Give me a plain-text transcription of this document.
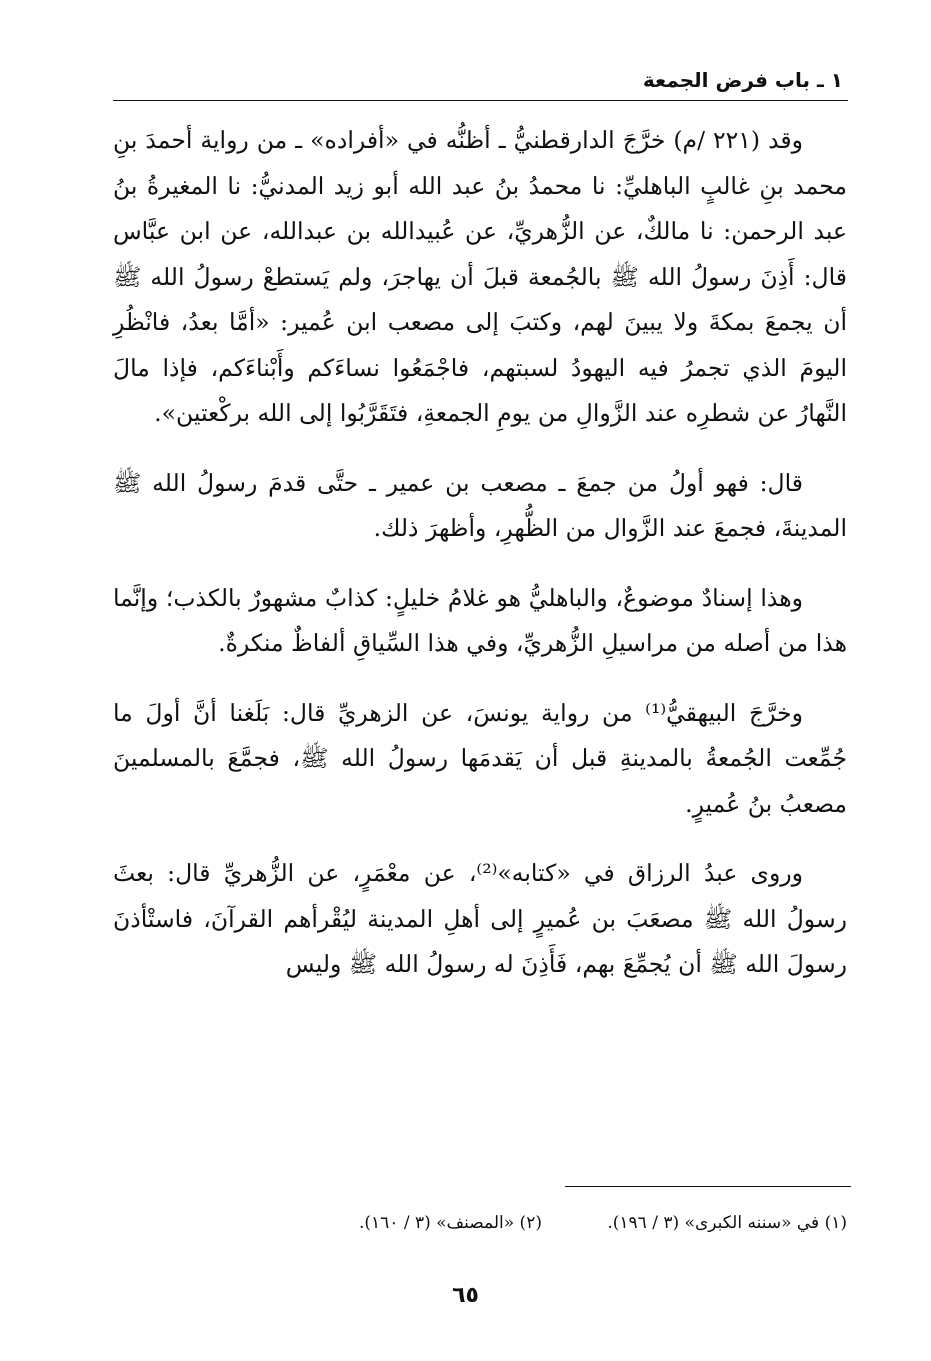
١ ـ باب فرض الجمعة

وقد (٢٢١ /م) خرَّجَ الدارقطنيُّ ـ أظنُّه في «أفراده» ـ من رواية أحمدَ بنِ محمد بنِ غالبٍ الباهليِّ: نا محمدُ بنُ عبد الله أبو زيد المدنيُّ: نا المغيرةُ بنُ عبد الرحمن: نا مالكٌ، عن الزُّهريِّ، عن عُبيدالله بن عبدالله، عن ابن عبَّاس قال: أَذِنَ رسولُ الله ﷺ بالجُمعة قبلَ أن يهاجرَ، ولم يَستطعْ رسولُ الله ﷺ أن يجمعَ بمكةَ ولا يبينَ لهم، وكتبَ إلى مصعب ابن عُمير: «أمَّا بعدُ، فانْظُرِ اليومَ الذي تجمرُ فيه اليهودُ لسبتهم، فاجْمَعُوا نساءَكم وأَبْناءَكم، فإذا مالَ النَّهارُ عن شطرِه عند الزَّوالِ من يومِ الجمعةِ، فتَقَرَّبُوا إلى الله بركْعتين».

قال: فهو أولُ من جمعَ ـ مصعب بن عمير ـ حتَّى قدمَ رسولُ الله ﷺ المدينةَ، فجمعَ عند الزَّوال من الظُّهرِ، وأظهرَ ذلك.

وهذا إسنادٌ موضوعٌ، والباهليُّ هو غلامُ خليلٍ: كذابٌ مشهورٌ بالكذب؛ وإنَّما هذا من أصله من مراسيلِ الزُّهريِّ، وفي هذا السِّياقِ ألفاظٌ منكرةٌ.

وخرَّجَ البيهقيُّ⁽¹⁾ من رواية يونسَ، عن الزهريِّ قال: بَلَغنا أنَّ أولَ ما جُمِّعت الجُمعةُ بالمدينةِ قبل أن يَقدمَها رسولُ الله ﷺ، فجمَّعَ بالمسلمينَ مصعبُ بنُ عُميرٍ.

وروى عبدُ الرزاق في «كتابه»⁽²⁾، عن معْمَرٍ، عن الزُّهريِّ قال: بعثَ رسولُ الله ﷺ مصعَبَ بن عُميرٍ إلى أهلِ المدينة ليُقْرأهم القرآنَ، فاستْأذنَ رسولَ الله ﷺ أن يُجمِّعَ بهم، فَأَذِنَ له رسولُ الله ﷺ وليس

(١) في «سننه الكبرى» (٣ / ١٩٦). (٢) «المصنف» (٣ / ١٦٠).
٦٥
